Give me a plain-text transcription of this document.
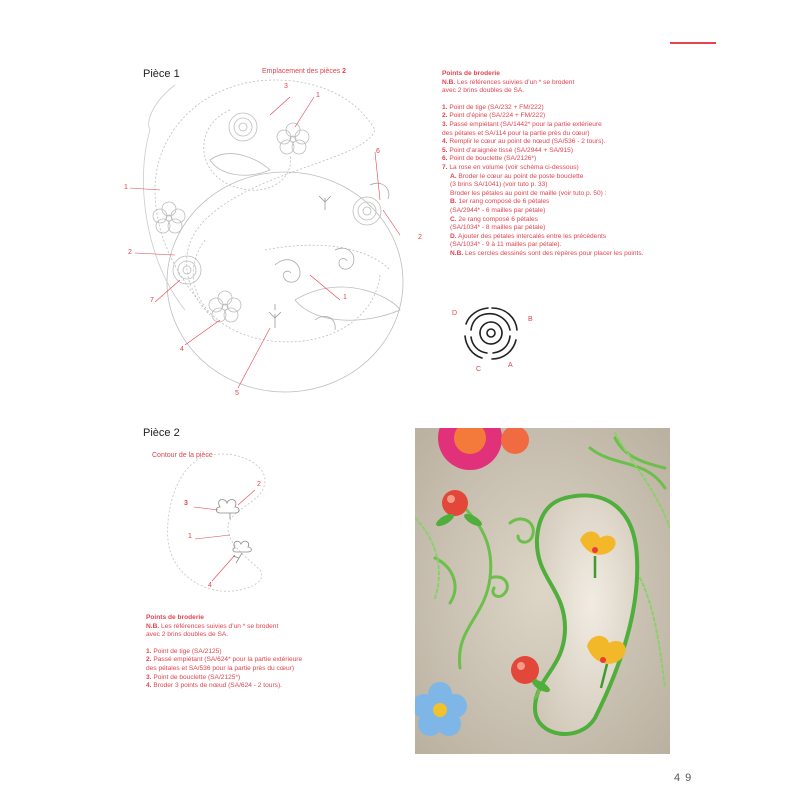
Pièce 1	Emplacement des pièces 2
3
1
6
1
2
2
7	1
4
5

Points de broderie

N.B. Les références suivies d’un * se brodent

avec 2 brins doubles de SA.

1. Point de tige (SA/232 + FM/222)

2. Point d’épine (SA/224 + FM/222)

3. Passé empiétant (SA/1442* pour la partie extérieure

des pétales et SA/114 pour la partie près du cœur)

4. Remplir le cœur au point de nœud (SA/536 - 2 tours).

5. Point d’araignée tissé (SA/2944 + SA/915)

6. Point de bouclette (SA/2126*)

7. La rose en volume (voir schéma ci-dessous)

A. Broder le cœur au point de poste bouclette

(3 brins SA/1041) (voir tuto p. 33)

Broder les pétales au point de maille (voir tuto p. 50) :

B. 1er rang composé de 6 pétales

(SA/2944* - 6 mailles par pétale)

C. 2e rang composé 6 pétales

(SA/1034* - 8 mailles par pétale)

D. Ajouter des pétales intercalés entre les précédents

(SA/1034* - 9 à 11 mailles par pétale).

N.B. Les cercles dessinés sont des repères pour placer les points.

D
B
C
A
Pièce 2
Contour de la pièce
2
3
1
4

Points de broderie

N.B. Les références suivies d’un * se brodent

avec 2 brins doubles de SA.

1. Point de tige (SA/2125)

2. Passé empiétant (SA/624* pour la partie extérieure

des pétales et SA/536 pour la partie près du cœur)

3. Point de bouclette (SA/2125*)

4. Broder 3 points de nœud (SA/624 - 2 tours).

4 9
